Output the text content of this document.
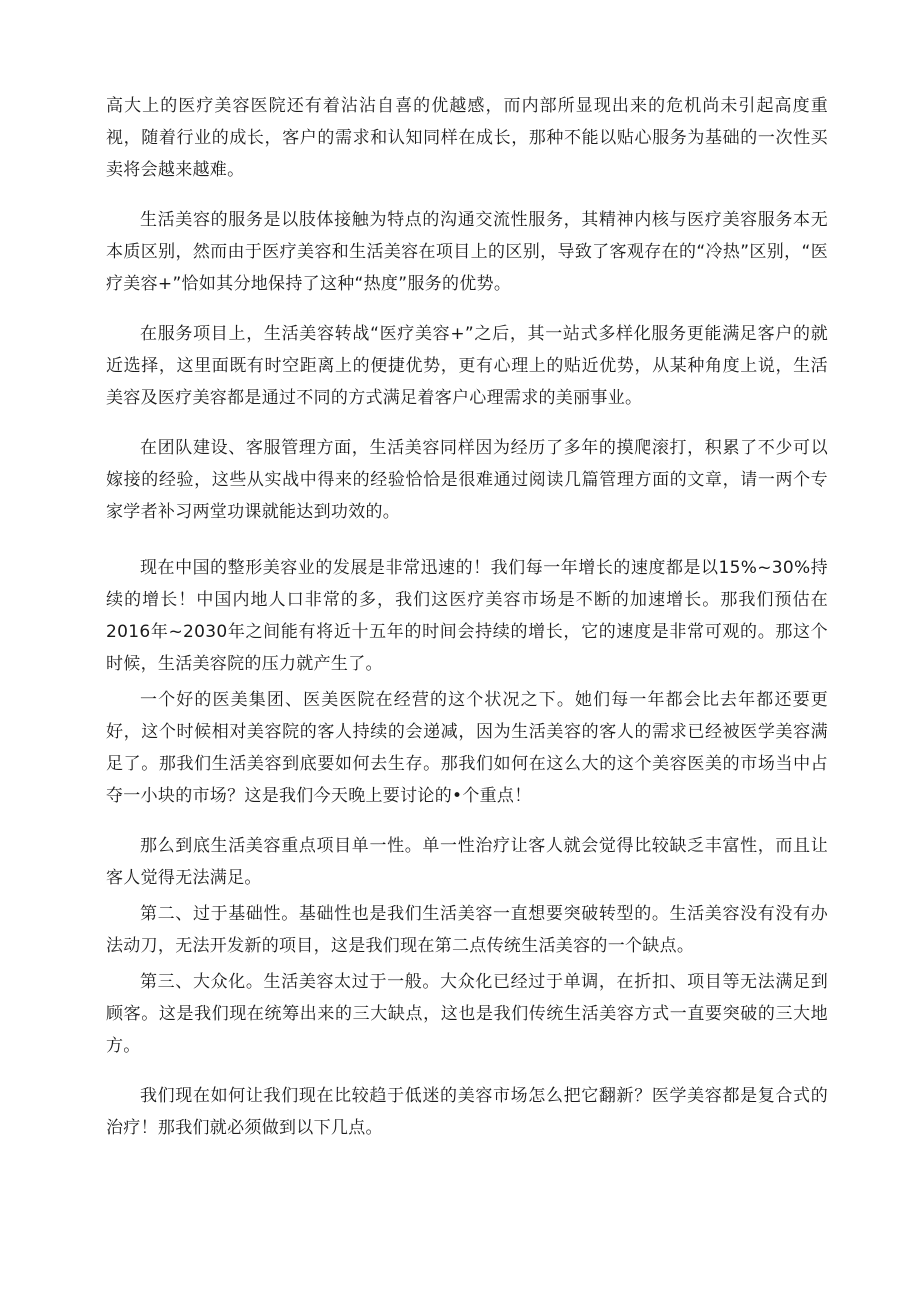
高大上的医疗美容医院还有着沾沾自喜的优越感，而内部所显现出来的危机尚未引起高度重视，随着行业的成长，客户的需求和认知同样在成长，那种不能以贴心服务为基础的一次性买卖将会越来越难。

生活美容的服务是以肢体接触为特点的沟通交流性服务，其精神内核与医疗美容服务本无本质区别，然而由于医疗美容和生活美容在项目上的区别，导致了客观存在的“冷热”区别，“医疗美容+”恰如其分地保持了这种“热度”服务的优势。

在服务项目上，生活美容转战“医疗美容+”之后，其一站式多样化服务更能满足客户的就近选择，这里面既有时空距离上的便捷优势，更有心理上的贴近优势，从某种角度上说，生活美容及医疗美容都是通过不同的方式满足着客户心理需求的美丽事业。

在团队建设、客服管理方面，生活美容同样因为经历了多年的摸爬滚打，积累了不少可以嫁接的经验，这些从实战中得来的经验恰恰是很难通过阅读几篇管理方面的文章，请一两个专家学者补习两堂功课就能达到功效的。

现在中国的整形美容业的发展是非常迅速的！我们每一年增长的速度都是以15%~30%持续的增长！中国内地人口非常的多，我们这医疗美容市场是不断的加速增长。那我们预估在2016年~2030年之间能有将近十五年的时间会持续的增长，它的速度是非常可观的。那这个时候，生活美容院的压力就产生了。

一个好的医美集团、医美医院在经营的这个状况之下。她们每一年都会比去年都还要更好，这个时候相对美容院的客人持续的会递减，因为生活美容的客人的需求已经被医学美容满足了。那我们生活美容到底要如何去生存。那我们如何在这么大的这个美容医美的市场当中占夺一小块的市场？这是我们今天晚上要讨论的•个重点！

那么到底生活美容重点项目单一性。单一性治疗让客人就会觉得比较缺乏丰富性，而且让客人觉得无法满足。

第二、过于基础性。基础性也是我们生活美容一直想要突破转型的。生活美容没有没有办法动刀，无法开发新的项目，这是我们现在第二点传统生活美容的一个缺点。

第三、大众化。生活美容太过于一般。大众化已经过于单调，在折扣、项目等无法满足到顾客。这是我们现在统筹出来的三大缺点，这也是我们传统生活美容方式一直要突破的三大地方。

我们现在如何让我们现在比较趋于低迷的美容市场怎么把它翻新？医学美容都是复合式的治疗！那我们就必须做到以下几点。
